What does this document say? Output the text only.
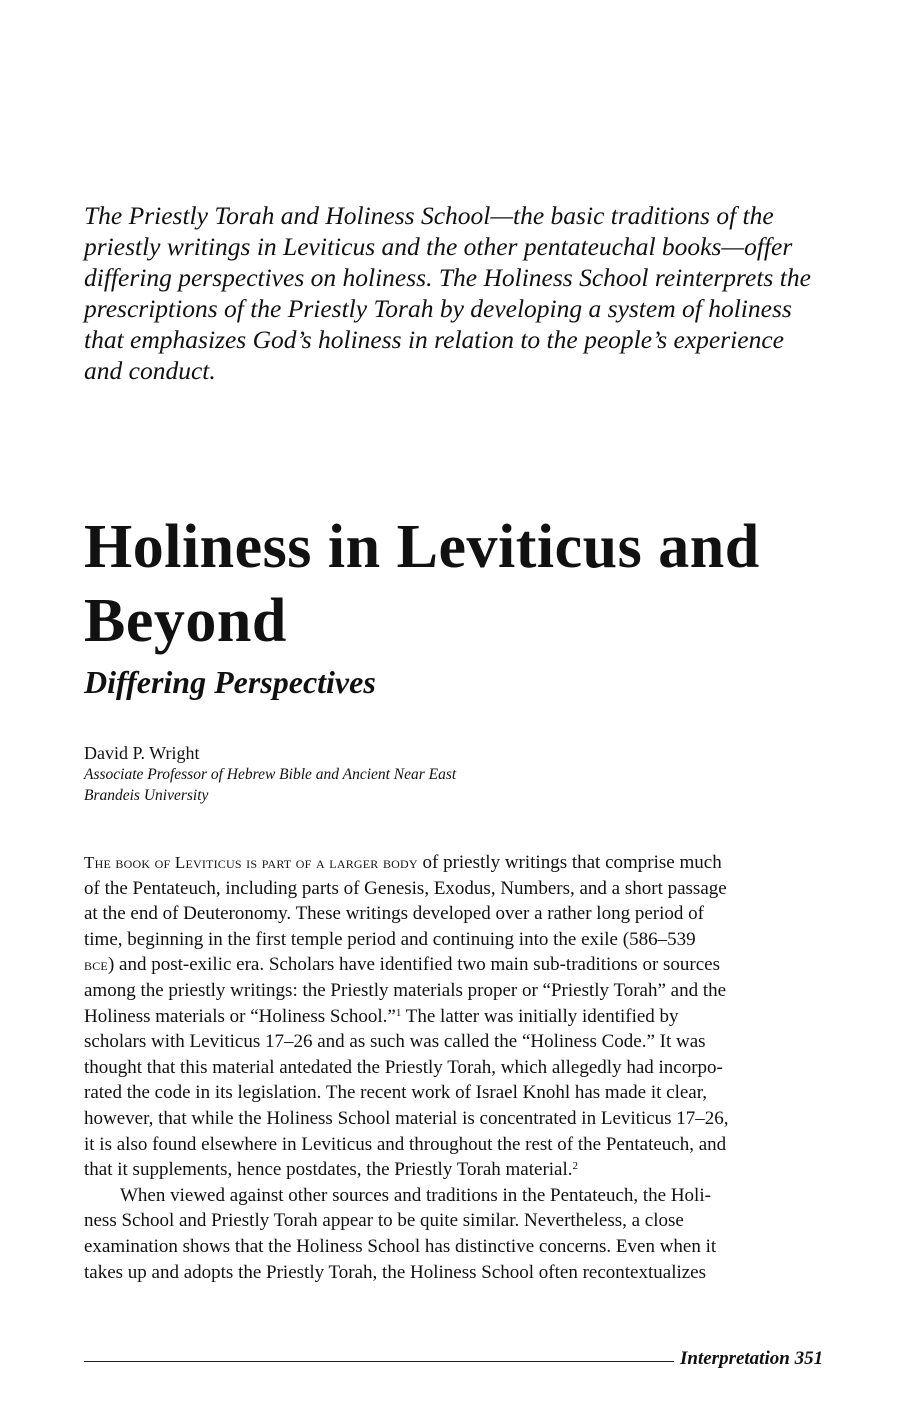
The Priestly Torah and Holiness School—the basic traditions of the
priestly writings in Leviticus and the other pentateuchal books—offer
differing perspectives on holiness. The Holiness School reinterprets the
prescriptions of the Priestly Torah by developing a system of holiness
that emphasizes God’s holiness in relation to the people’s experience
and conduct.
Holiness in Leviticus and
Beyond
Differing Perspectives

David P. Wright

Associate Professor of Hebrew Bible and Ancient Near East

Brandeis University

The book of Leviticus is part of a larger body of priestly writings that comprise much
of the Pentateuch, including parts of Genesis, Exodus, Numbers, and a short passage
at the end of Deuteronomy. These writings developed over a rather long period of
time, beginning in the first temple period and continuing into the exile (586–539
bce) and post-exilic era. Scholars have identified two main sub-traditions or sources
among the priestly writings: the Priestly materials proper or “Priestly Torah” and the
Holiness materials or “Holiness School.”$^1$ The latter was initially identified by
scholars with Leviticus 17–26 and as such was called the “Holiness Code.” It was
thought that this material antedated the Priestly Torah, which allegedly had incorpo-
rated the code in its legislation. The recent work of Israel Knohl has made it clear,
however, that while the Holiness School material is concentrated in Leviticus 17–26,
it is also found elsewhere in Leviticus and throughout the rest of the Pentateuch, and
that it supplements, hence postdates, the Priestly Torah material.$^2$
When viewed against other sources and traditions in the Pentateuch, the Holi-
ness School and Priestly Torah appear to be quite similar. Nevertheless, a close
examination shows that the Holiness School has distinctive concerns. Even when it
takes up and adopts the Priestly Torah, the Holiness School often recontextualizes
Interpretation 351
